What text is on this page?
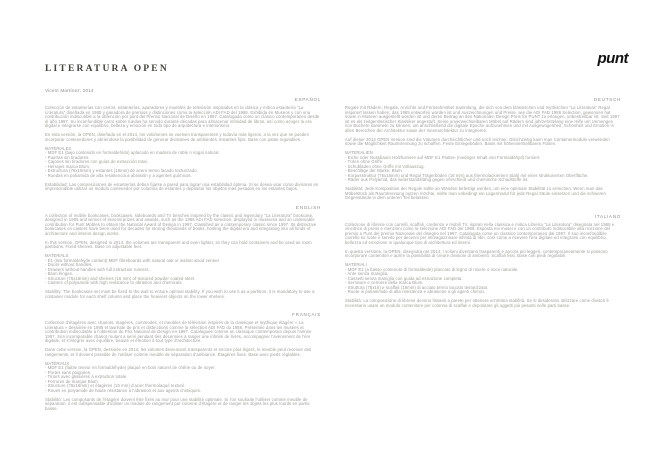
punt
LITERATURA OPEN
Vicent Martínez, 2014
ESPAÑOL

Colección de estanterías con carros, estanterías, aparadores y muebles de televisión inspirados en la clásica y mítica estantería "La Literatura" diseñada en 1985 y ganadora de premios y distinciones como la selección ADI FAD del 1986. Exhibida en Museos y con una contribución indiscutible a la obtención por punt del Premio Nacional de Diseño en 1997. Catalogada como un clásico contemporáneo desde el año 1997. Su inconfundible carro sobre ruedas ha servido durante décadas para almacenar infinidad de libros, así como acoger la era digital e integrarse con equilibrio, belleza y emoción en todo tipo de arquitectura e interiorismo.

En esta versión, la OPEN, diseñada en el 2014, los volúmenes se vuelven transparentes y todavía más ligeros, a la vez que se pueden incorporar contenedores y abriéndose la posibilidad de generar divisiones de ambientes. Estantes fijos. Base con patas regulables.

MATERIALES
- MDF E1 (bajo contenido en formaldehído) aplacado en madera de roble o nogal natural.
- Puertas sin tiradores.
- Cajones sin tiradores con guías de extracción total.
- Herrajes marca Blum.
- Estructura (76x16mm) y estantes (16mm) de acero termo lacado texturizado.
- Ruedas en poliamida de alta resistencia a abrasión y a agentes químicos.

Estabilidad: Las composiciones de estanterías deben fijarse a pared para lograr una estabilidad óptima. Si se desea usar como divisores es imprescindible utilizar un módulo contenedor por columna de estantes y depositar los objetos más pesados en los estantes bajos.

ENGLISH

A collection of mobile bookcases, bookcases, sideboards and TV benches inspired by the classic and legendary "La Literatura" bookcase, designed in 1985 and winner of several prizes and awards, such as the 1986 ADI FAD selection, displayed in museums and an undeniable contribution for Punt Mobles to obtain the National Award of Design in 1997. Classified as a contemporary classic since 1997. Its distinctive bookcases on casters have been used for decades for storing thousands of books, hosting the digital era and integrating into all kinds of architecture and interior design works.

In this version, OPEN, designed in 2014, the volumes are transparent and even lighter, so they can hold containers and be used as room partitions. Fixed shelves. Base on adjustable feet.

MATERIALS
- E1 (low formaldehyde content) MDF fibreboards with natural oak or walnut wood veneer.
- Doors without handles.
- Drawers without handles with full extraction runners.
- Blum hinges.
- Structure (76x16mm) and shelves (16 mm) of textured powder coated steel.
- Casters of polyamide with high resistance to abrasion and chemicals.

Stability: The bookcases set must be fixed to the wall to ensure optimal stability. If you wish to use it as a partition, it is mandatory to use a container module for each shelf column and place the heaviest objects on the lower shelves.

FRANÇAIS

Collection d'étagères avec chariots, étagères, commodes, et meubles de télévision inspirés de la classique et mythique étagère « La Literatura » dessinée en 1985 et lauréate de prix et distinctions comme la sélection ADI FAD du 1986. Présentée dans les musées et contribution indiscutable à l'obtention du Prix National de Design en 1997. Cataloguée comme un classique contemporain depuis l'année 1997. Son incomparable chariot roulant a servi pendant des décennies à ranger une infinité de livres, accompagner l'avènement de l'ère digitale, et s'intégrer avec équilibre, beauté et émotion à tout type d'architecture.

Dans cette version, la OPEN, dessinée en 2014, les volumes deviennent transparents et encore plus légers, le meuble peut recevoir des rangements, et il devient possible de l'utiliser comme meuble de séparation d'ambiance. Étagères fixes. Base avec pieds réglables.

MATÉRIAUX
- MDF E1 (faible teneur en formaldéhyde) plaqué en bois naturel de chêne ou de noyer.
- Portes sans poignées.
- Tiroirs avec glissières à extraction totale.
- Ferrures de marque Blum.
- Structure (76x16mm) et étagères (16 mm) d'acier thermolaqué texturé.
- Roues en polyamide de haute résistance à l'abrasion et aux agents chimiques.

Stabilité: Les composants de l'étagère doivent être fixés au mur pour une stabilité optimale. Si l'on souhaite l'utiliser comme meuble de séparation, il est indispensable d'utiliser un module de rangement par colonne d'étagère et de ranger les objets les plus lourds en partie basse.

DEUTSCH

Regale mit Rädern, Regale, Anrichte und Fernsehmöbel Sammlung, die sich von dem klassischen und mythischen "La Literatura" Regal inspiriert lassen haben, das 1985 entworfen worden ist und Auszeichnungen und Preise, wie die ADI FAD 1986 Selection, gewonnen hat sowie in Museen ausgestellt worden ist und deren Beitrag an den Nationalen Design Preis für PUNT zu erlangen, unbestreitbar ist. Seit 1997 ist es als zeitgenössischer Klassiker angestuft. Seine unverwechselbaren Möbel auf Rädern sind jahrzehntelang eine Hilfe um Unmengen von Büchern sammeln zu können, um anschließend die digitale Epoche aufzunehmen und mit Ausgewogenheit, Schönheit und Emotion in allen Bereichen der Architektur sowie der Innenarchitektur zu integrieren.

Auf dieser 2014 OPEN Version sind die Volumen durchsichtlicher und noch leichter. Gleichzeitig kann man Containermodule verwenden sowie die Möglichkeit Raumtrennung zu schaffen. Feste Einlegeböden. Basis mit höhenverstellbaren Füßen.

MATERIALIEN
- Eiche oder Nussbaum Holzfurniere auf MDF E1 Platten (niedriger Inhalt von Formaldehyd) furniert.
- Türen ohne Griffe.
- Schubläden ohne Griffe mit Vollauszug.
- Beschläge der Marke: Blum.
- Korpusstruktur (76x16mm) und Regal Trägerböden (16 mm) aus thermolackiertem Stahl mit einer strukturierten Oberfläche.
- Räder aus Polyamid, das widerstandsfähig gegen Verschleiß und chemische Schadstoffe ist.

Stabilität: Jede Komposition der Regale sollte an Wänden befestigt werden, um eine optimale Stabilität zu erreichen. Wenn man das Möbelstück als Raumtrennung nutzen möchte, sollte man unbedingt ein Lagermodul für jede Regal Säule einsetzen und die schweren Gegenstände in dem unteren Teil belassen.

ITALIANO

Collezione di librerie con carrelli, scaffali, credenze e mobili TV, ispirati nella classica e mitica Libreria "La Literatura" disegnata nel 1985 e vincitrice di premi e menzioni come la selezione ADI FAD del 1986. Esposta nei musei e con un contributo indiscutibile alla ricezione del premio a Punt del premio Nazionale del disegno nel 1997. Catalogata come un classico contemporaneo dal 1997. Il suo inconfondibile carrello su ruote è servito per decenni per immagazzinare infinità di libri, così come a ricevere l'era digitale ed integrarsi con equilibrio, bellezza ed emozione in qualunque tipo di architettura ed interni.

In questa versione, la OPEN, disegnata nel 2014, i volumi diventano trasparenti e ancora più leggeri, contemporaneamente si possono incorporare contenitori e aprire la possibilità di creare divisioni di ambienti. Scaffali fissi. Base con piedi regolabili.

MATERIALI
- MDF E1 (a basso contenuto di formaldeide) placcato di legno di rovere o noce naturale.
- Ante senza maniglia.
- Cassetti senza maniglia con guida ad estrazione completa.
- Serrature e cerniere della marca Blum.
- Struttura (76x16) e scaffali (16mm) di acciaio termo laccato testurizzato.
- Ruote in poliammide di alta resistenza e abrasione a gli agenti chimici.

Stabilità: La composizione di librerie devono fissarsi a parete per ottenere un'ottima stabilità. Se si desiderano utilizzare come divisori è necessario usare un modulo contenitore per colonna di scaffali e depositare gli oggetti più pesanti nelle parti basse.
